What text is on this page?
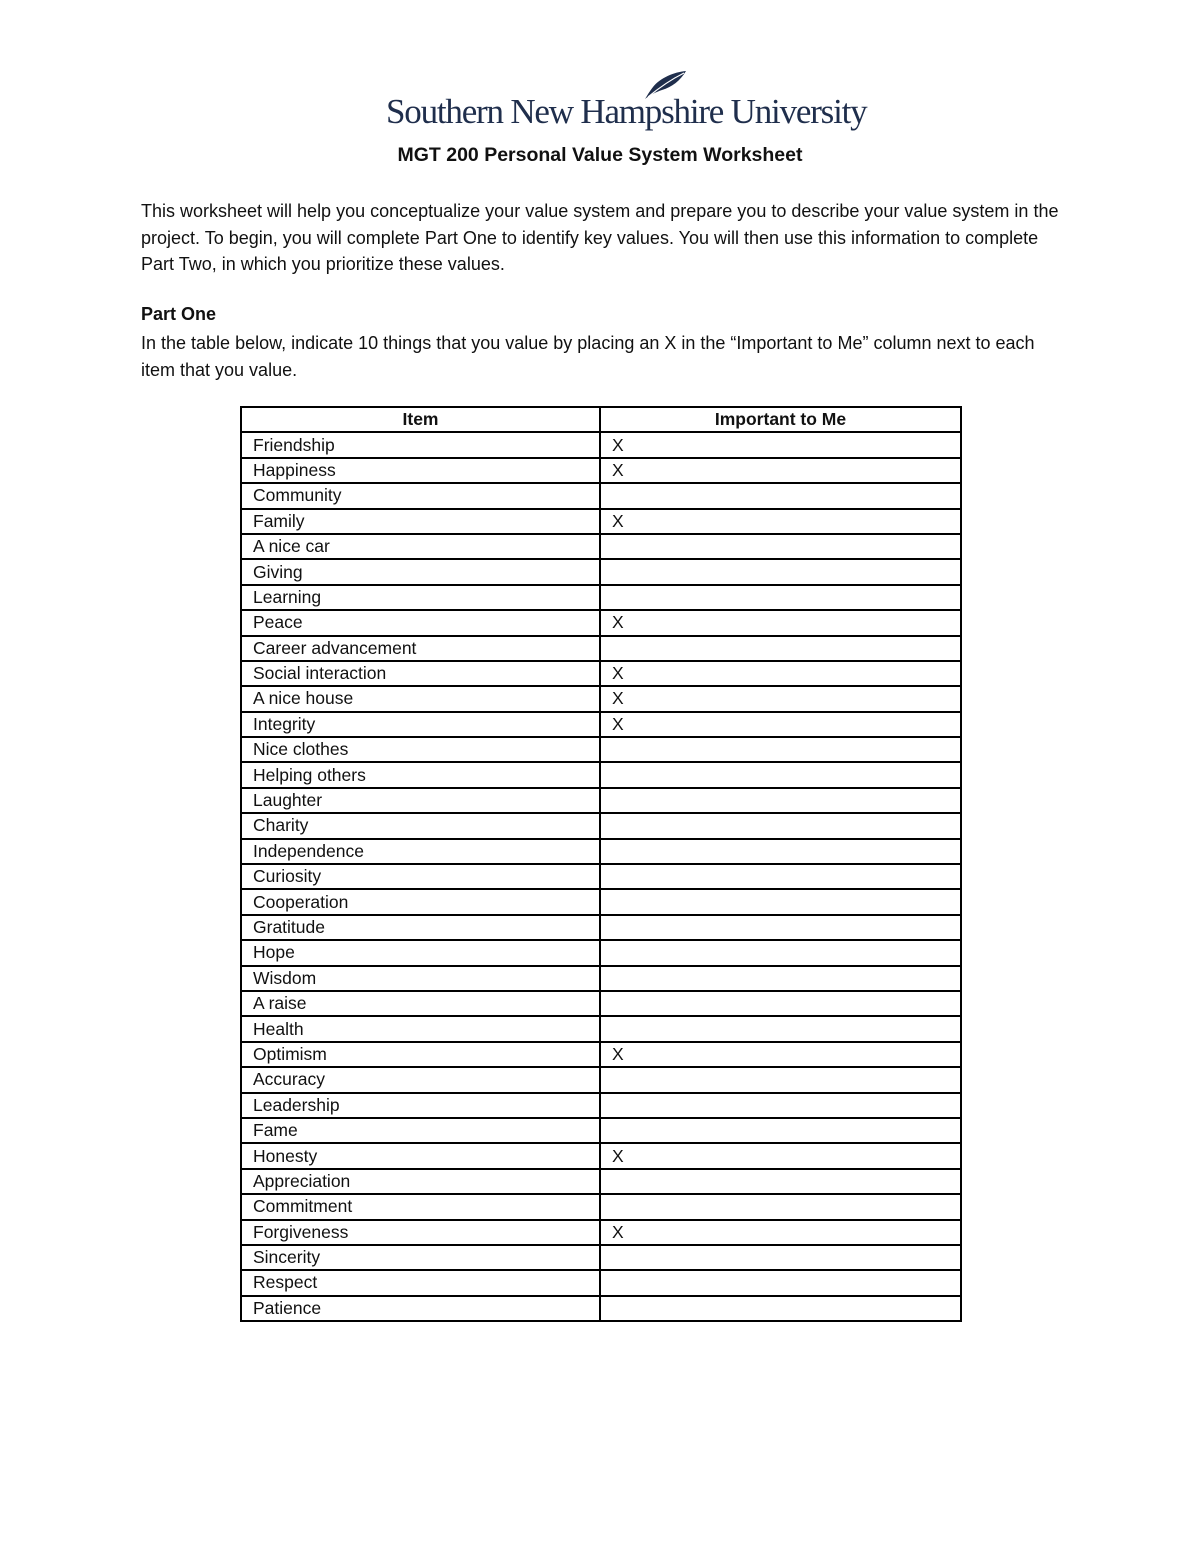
Southern New Hampshire University
MGT 200 Personal Value System Worksheet
This worksheet will help you conceptualize your value system and prepare you to describe your value system in the project. To begin, you will complete Part One to identify key values. You will then use this information to complete Part Two, in which you prioritize these values.
Part One
In the table below, indicate 10 things that you value by placing an X in the “Important to Me” column next to each item that you value.
Item	Important to Me
Friendship	X
Happiness	X
Community	
Family	X
A nice car	
Giving	
Learning	
Peace	X
Career advancement	
Social interaction	X
A nice house	X
Integrity	X
Nice clothes	
Helping others	
Laughter	
Charity	
Independence	
Curiosity	
Cooperation	
Gratitude	
Hope	
Wisdom	
A raise	
Health	
Optimism	X
Accuracy	
Leadership	
Fame	
Honesty	X
Appreciation	
Commitment	
Forgiveness	X
Sincerity	
Respect	
Patience	
